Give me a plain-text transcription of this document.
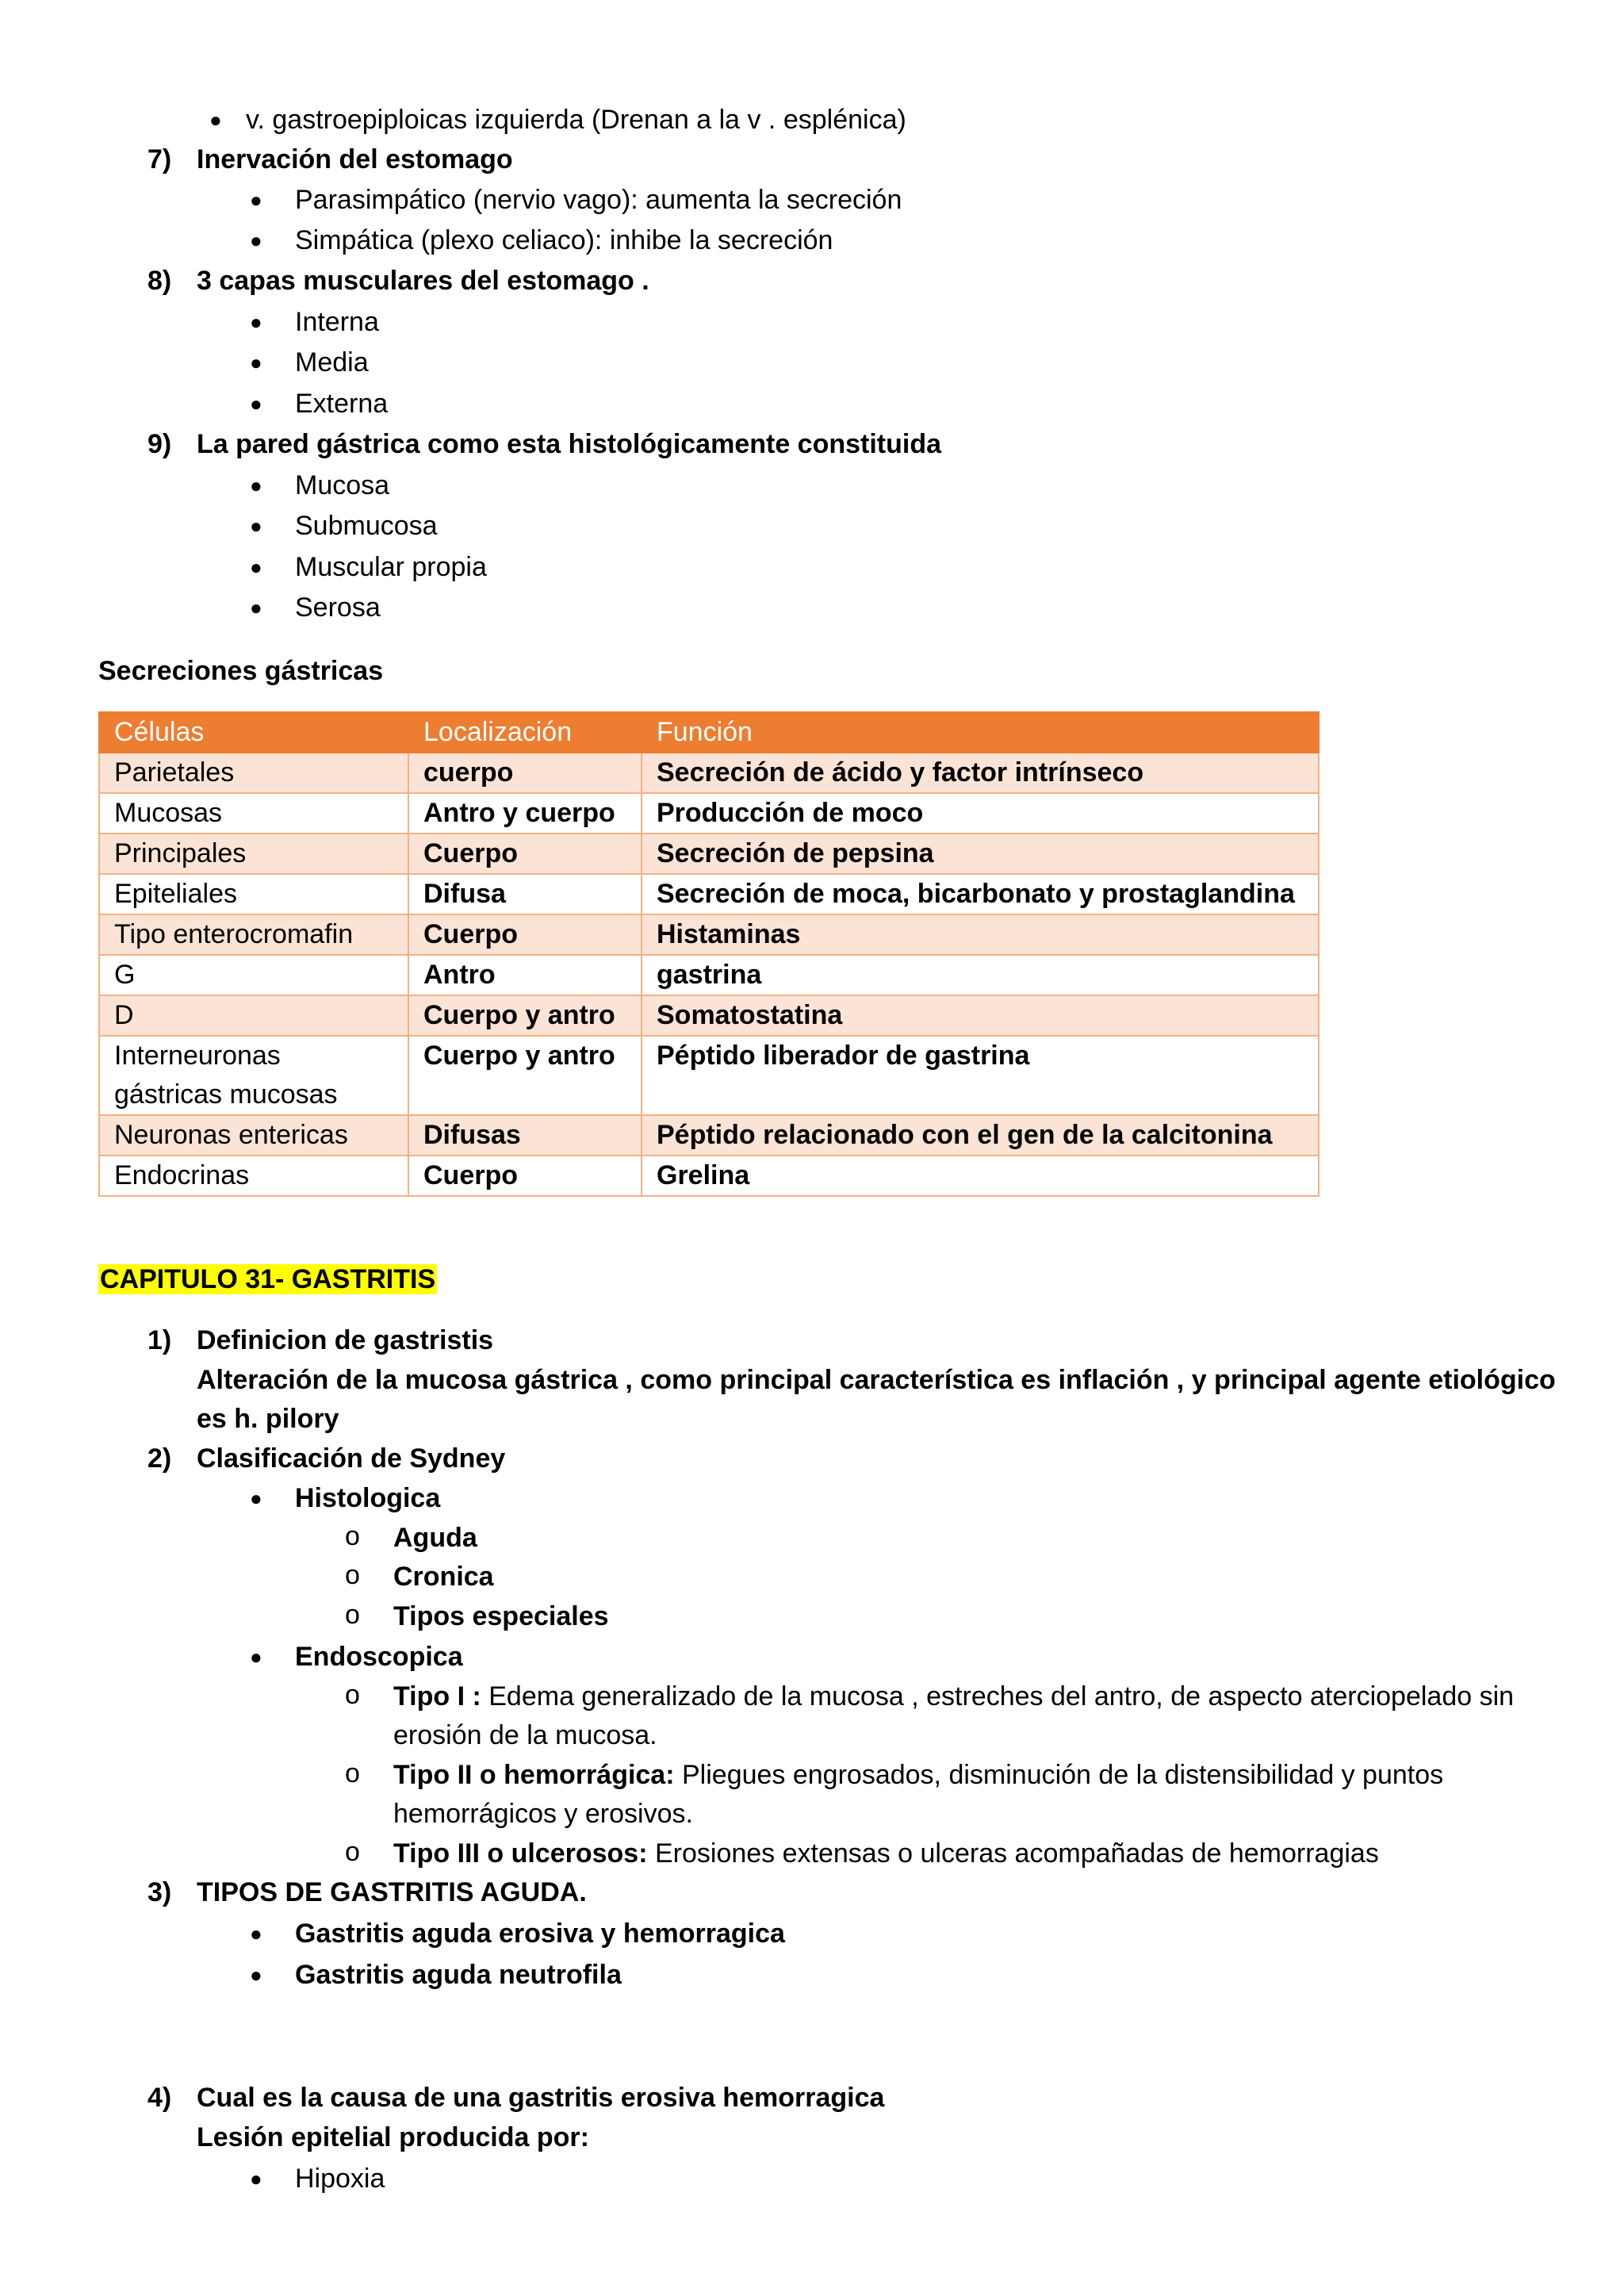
● v. gastroepiploicas izquierda (Drenan a la v . esplénica)
7) Inervación del estomago
● Parasimpático (nervio vago): aumenta la secreción
● Simpática (plexo celiaco): inhibe la secreción
8) 3 capas musculares del estomago .
● Interna
● Media
● Externa
9) La pared gástrica como esta histológicamente constituida
● Mucosa
● Submucosa
● Muscular propia
● Serosa
Secreciones gástricas
Células	Localización	Función
Parietales	cuerpo	Secreción de ácido y factor intrínseco
Mucosas	Antro y cuerpo	Producción de moco
Principales	Cuerpo	Secreción de pepsina
Epiteliales	Difusa	Secreción de moca, bicarbonato y prostaglandina
Tipo enterocromafin	Cuerpo	Histaminas
G	Antro	gastrina
D	Cuerpo y antro	Somatostatina
Interneuronas gástricas mucosas	Cuerpo y antro	Péptido liberador de gastrina
Neuronas entericas	Difusas	Péptido relacionado con el gen de la calcitonina
Endocrinas	Cuerpo	Grelina
CAPITULO 31- GASTRITIS
1) Definicion de gastristis
Alteración de la mucosa gástrica , como principal característica es inflación , y principal agente etiológico
es h. pilory
2) Clasificación de Sydney
● Histologica
o Aguda
o Cronica
o Tipos especiales
● Endoscopica
o Tipo I : Edema generalizado de la mucosa , estreches del antro, de aspecto aterciopelado sin
erosión de la mucosa.
o Tipo II o hemorrágica: Pliegues engrosados, disminución de la distensibilidad y puntos
hemorrágicos y erosivos.
o Tipo III o ulcerosos: Erosiones extensas o ulceras acompañadas de hemorragias
3) TIPOS DE GASTRITIS AGUDA.
● Gastritis aguda erosiva y hemorragica
● Gastritis aguda neutrofila
4) Cual es la causa de una gastritis erosiva hemorragica
Lesión epitelial producida por:
● Hipoxia
